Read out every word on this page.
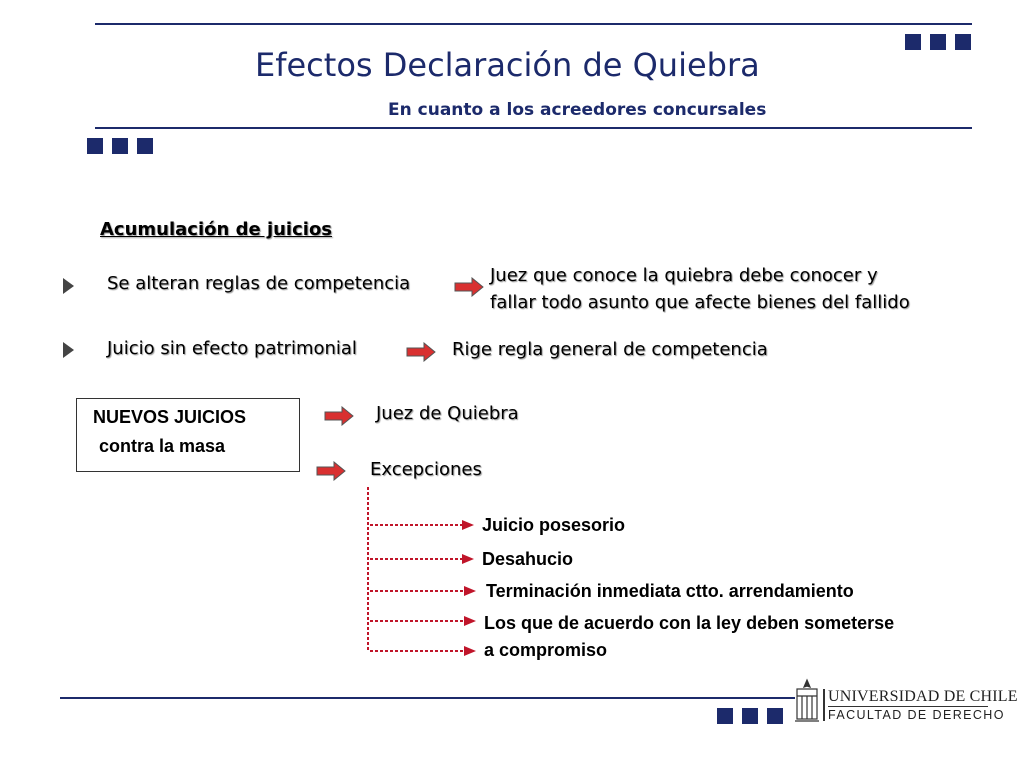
Efectos Declaración de Quiebra
En cuanto a los acreedores concursales
Acumulación de juicios
Se alteran reglas de competencia	Juez que conoce la quiebra debe conocer y
fallar todo asunto que afecte bienes del fallido
Juicio sin efecto patrimonial	Rige regla general de competencia
NUEVOS JUICIOS
contra la masa
Juez de Quiebra
Excepciones
Juicio posesorio
Desahucio
Terminación inmediata ctto. arrendamiento
Los que de acuerdo con la ley deben someterse
a compromiso
UNIVERSIDAD DE CHILE
FACULTAD DE DERECHO
